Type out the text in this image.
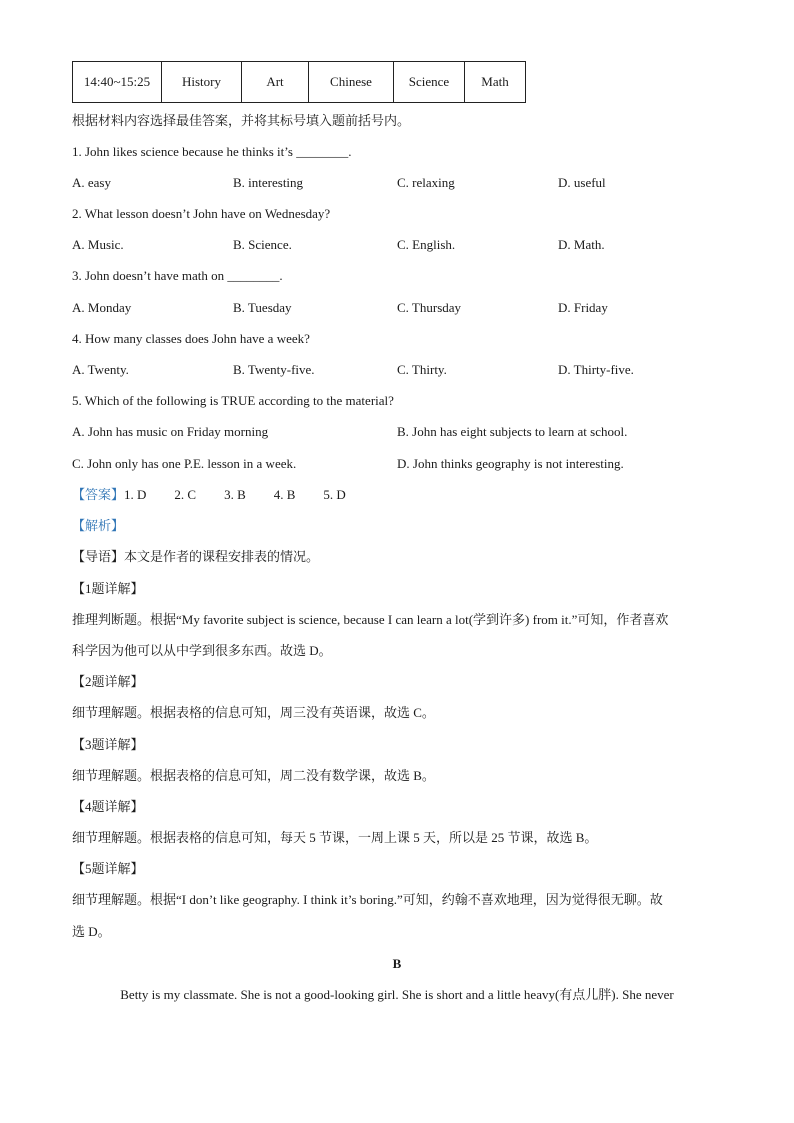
14:40~15:25	History	Art	Chinese	Science	Math
根据材料内容选择最佳答案，并将其标号填入题前括号内。
1. John likes science because he thinks it’s ________.
A. easy	B. interesting	C. relaxing	D. useful
2. What lesson doesn’t John have on Wednesday?
A. Music.	B. Science.	C. English.	D. Math.
3. John doesn’t have math on ________.
A. Monday	B. Tuesday	C. Thursday	D. Friday
4. How many classes does John have a week?
A. Twenty.	B. Twenty-five.	C. Thirty.	D. Thirty-five.
5. Which of the following is TRUE according to the material?
A. John has music on Friday morning	B. John has eight subjects to learn at school.
C. John only has one P.E. lesson in a week.	D. John thinks geography is not interesting.
【答案】1. D 2. C 3. B 4. B 5. D
【解析】
【导语】本文是作者的课程安排表的情况。
【1题详解】
推理判断题。根据“My favorite subject is science, because I can learn a lot(学到许多) from it.”可知，作者喜欢
科学因为他可以从中学到很多东西。故选 D。
【2题详解】
细节理解题。根据表格的信息可知，周三没有英语课，故选 C。
【3题详解】
细节理解题。根据表格的信息可知，周二没有数学课，故选 B。
【4题详解】
细节理解题。根据表格的信息可知，每天 5 节课，一周上课 5 天，所以是 25 节课，故选 B。
【5题详解】
细节理解题。根据“I don’t like geography. I think it’s boring.”可知，约翰不喜欢地理，因为觉得很无聊。故
选 D。
B
Betty is my classmate. She is not a good-looking girl. She is short and a little heavy(有点儿胖). She never
